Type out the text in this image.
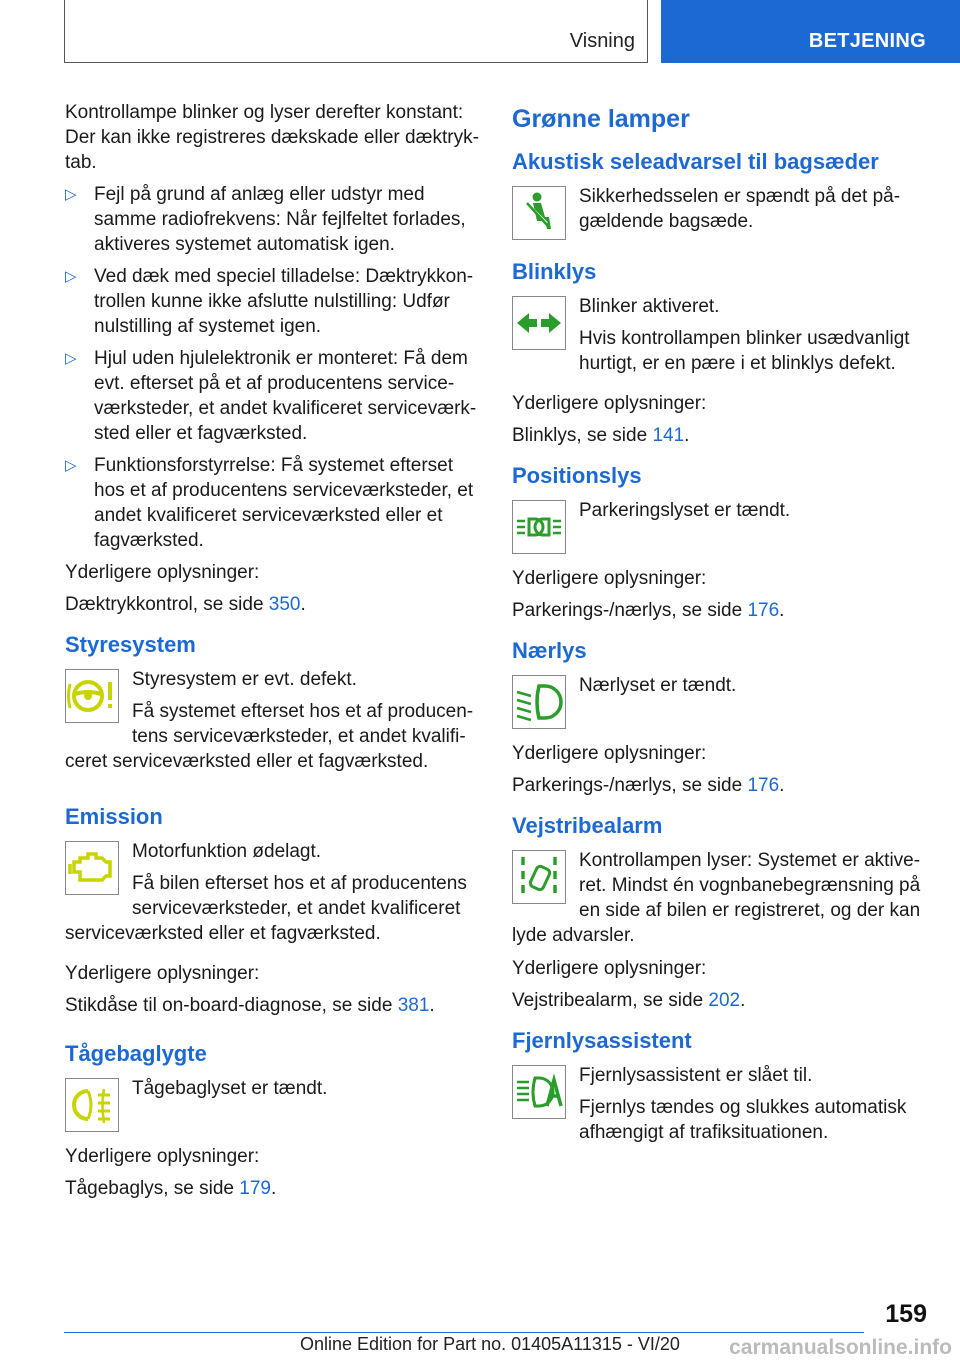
Visning	BETJENING

Kontrollampe blinker og lyser derefter konstant: Der kan ikke registreres dækskade eller dæktryktab.

▷ Fejl på grund af anlæg eller udstyr med samme radiofrekvens: Når fejlfeltet forlades, aktiveres systemet automatisk igen.
▷ Ved dæk med speciel tilladelse: Dæktrykkontrollen kunne ikke afslutte nulstilling: Udfør nulstilling af systemet igen.
▷ Hjul uden hjulelektronik er monteret: Få dem evt. efterset på et af producentens serviceværksteder, et andet kvalificeret serviceværksted eller et fagværksted.
▷ Funktionsforstyrrelse: Få systemet efterset hos et af producentens serviceværksteder, et andet kvalificeret serviceværksted eller et fagværksted.

Yderligere oplysninger:

Dæktrykkontrol, se side 350.

Styresystem

Styresystem er evt. defekt.

Få systemet efterset hos et af producentens serviceværksteder, et andet kvalificeret serviceværksted eller et fagværksted.

Emission

Motorfunktion ødelagt.

Få bilen efterset hos et af producentens serviceværksteder, et andet kvalificeret serviceværksted eller et fagværksted.

Yderligere oplysninger:

Stikdåse til on-board-diagnose, se side 381.

Tågebaglygte

Tågebaglyset er tændt.

Yderligere oplysninger:

Tågebaglys, se side 179.

Grønne lamper
Akustisk seleadvarsel til bagsæder

Sikkerhedsselen er spændt på det pågældende bagsæde.

Blinklys

Blinker aktiveret.

Hvis kontrollampen blinker usædvanligt hurtigt, er en pære i et blinklys defekt.

Yderligere oplysninger:

Blinklys, se side 141.

Positionslys

Parkeringslyset er tændt.

Yderligere oplysninger:

Parkerings-/nærlys, se side 176.

Nærlys

Nærlyset er tændt.

Yderligere oplysninger:

Parkerings-/nærlys, se side 176.

Vejstribealarm

Kontrollampen lyser: Systemet er aktiveret. Mindst én vognbanebegrænsning på en side af bilen er registreret, og der kan lyde advarsler.

Yderligere oplysninger:

Vejstribealarm, se side 202.

Fjernlysassistent

Fjernlysassistent er slået til.

Fjernlys tændes og slukkes automatisk afhængigt af trafiksituationen.

159
Online Edition for Part no. 01405A11315 - VI/20 carmanualsonline.info
